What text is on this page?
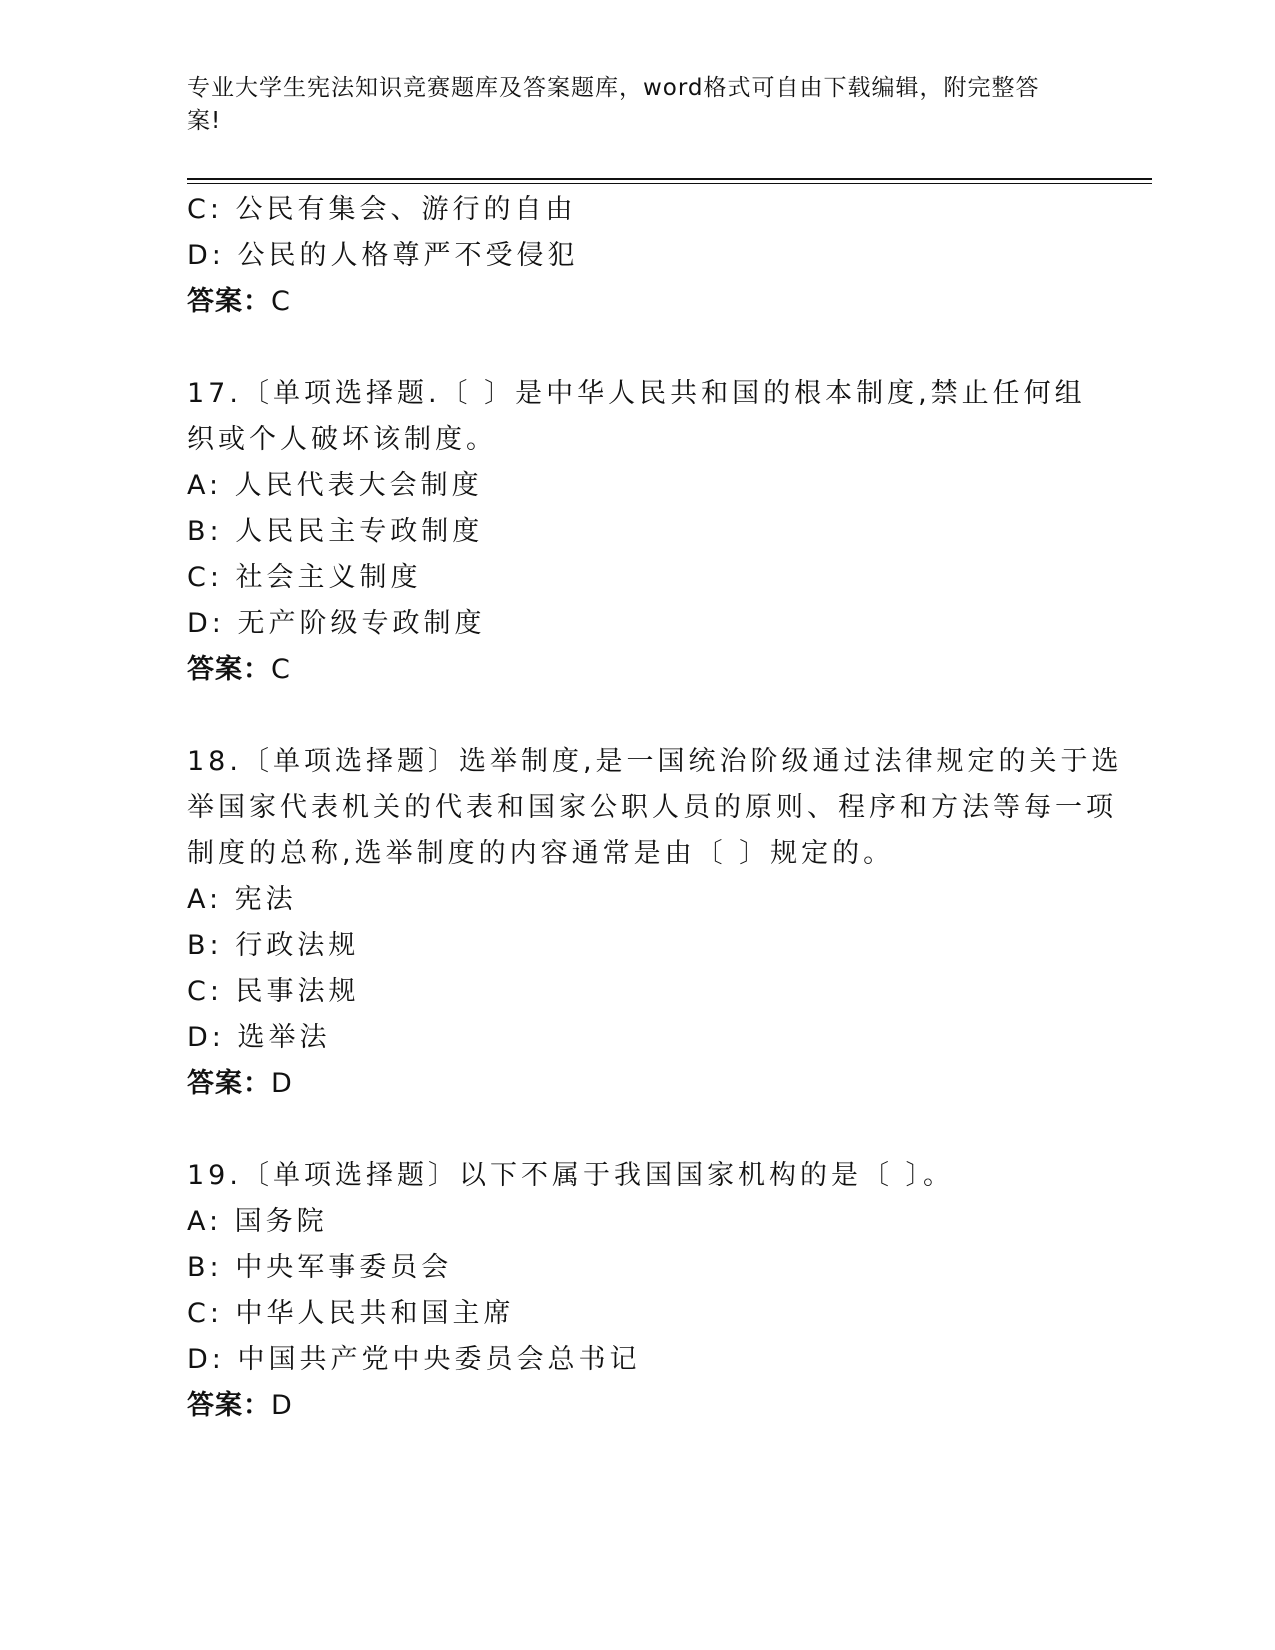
专业大学生宪法知识竞赛题库及答案题库，word格式可自由下载编辑，附完整答
案!
C: 公民有集会、游行的自由
D: 公民的人格尊严不受侵犯
答案：C
17.〔单项选择题.〔 〕是中华人民共和国的根本制度,禁止任何组
织或个人破坏该制度。
A: 人民代表大会制度
B: 人民民主专政制度
C: 社会主义制度
D: 无产阶级专政制度
答案：C
18.〔单项选择题〕选举制度,是一国统治阶级通过法律规定的关于选
举国家代表机关的代表和国家公职人员的原则、程序和方法等每一项
制度的总称,选举制度的内容通常是由〔 〕规定的。
A: 宪法
B: 行政法规
C: 民事法规
D: 选举法
答案：D
19.〔单项选择题〕以下不属于我国国家机构的是〔 〕。
A: 国务院
B: 中央军事委员会
C: 中华人民共和国主席
D: 中国共产党中央委员会总书记
答案：D
